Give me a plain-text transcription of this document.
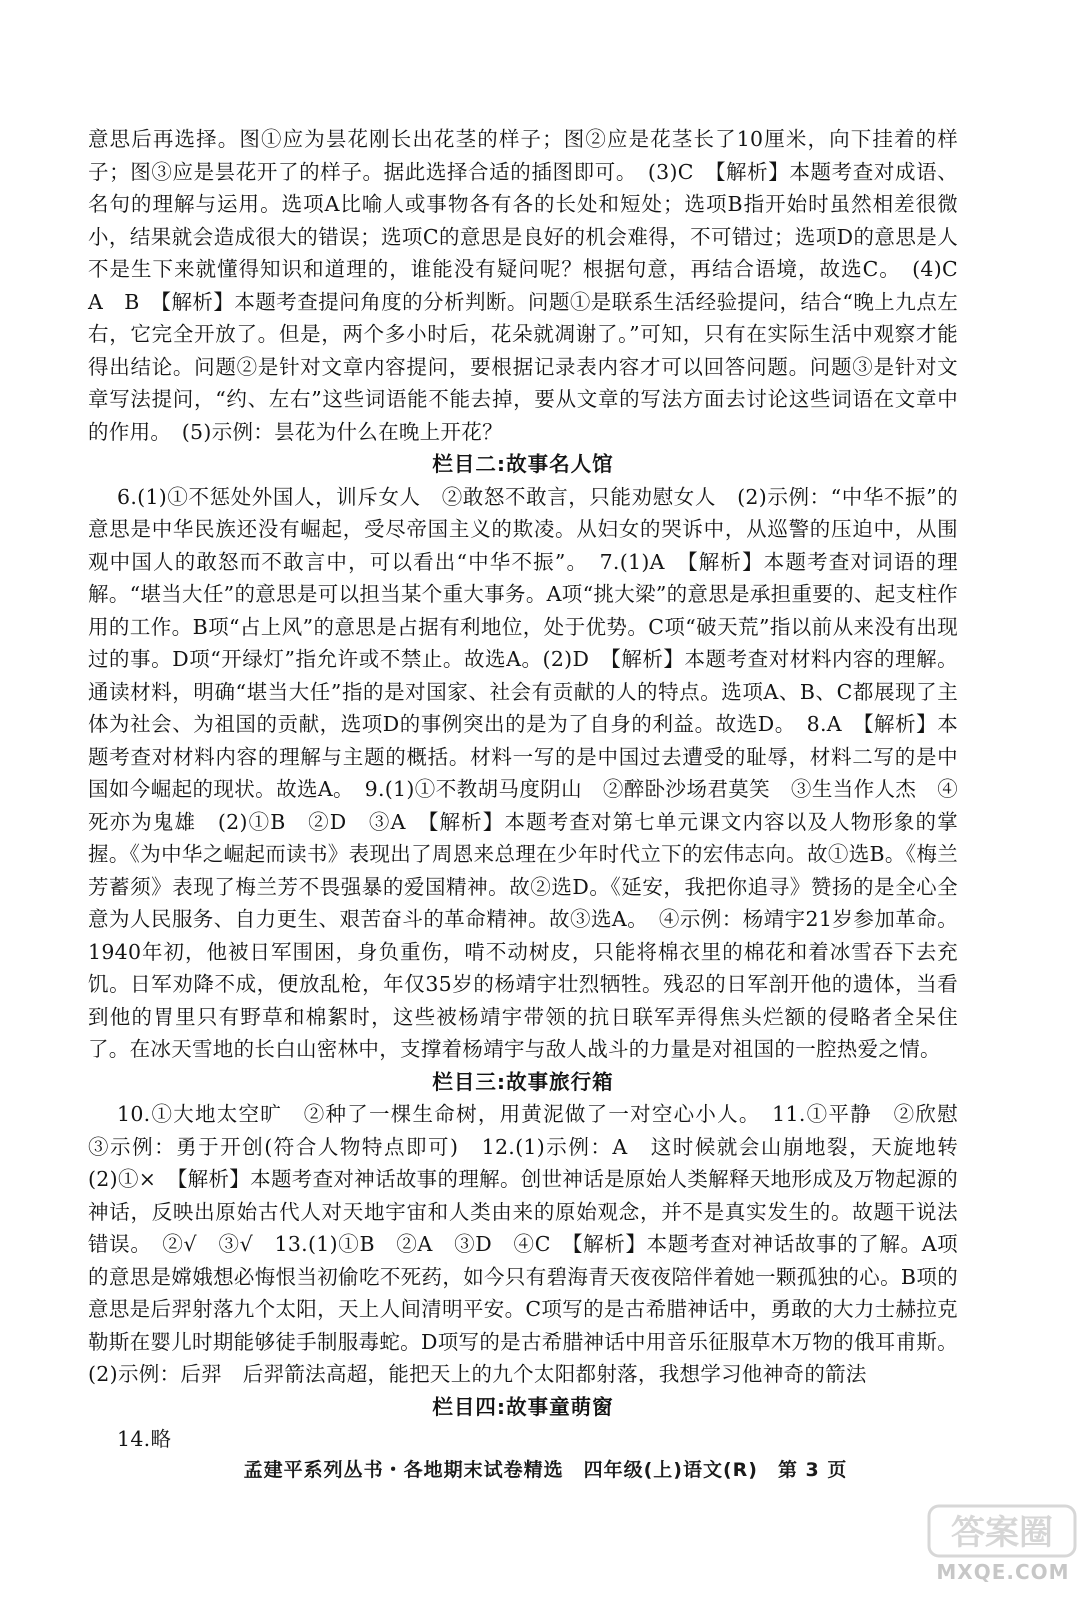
意思后再选择。图①应为昙花刚长出花茎的样子；图②应是花茎长了10厘米，向下挂着的样子；图③应是昙花开了的样子。据此选择合适的插图即可。　(3)C　【解析】本题考查对成语、名句的理解与运用。选项A比喻人或事物各有各的长处和短处；选项B指开始时虽然相差很微小，结果就会造成很大的错误；选项C的意思是良好的机会难得，不可错过；选项D的意思是人不是生下来就懂得知识和道理的，谁能没有疑问呢？根据句意，再结合语境，故选C。　(4)C　A　B　【解析】本题考查提问角度的分析判断。问题①是联系生活经验提问，结合“晚上九点左右，它完全开放了。但是，两个多小时后，花朵就凋谢了。”可知，只有在实际生活中观察才能得出结论。问题②是针对文章内容提问，要根据记录表内容才可以回答问题。问题③是针对文章写法提问，“约、左右”这些词语能不能去掉，要从文章的写法方面去讨论这些词语在文章中的作用。　(5)示例：昙花为什么在晚上开花？

栏目二:故事名人馆

6.(1)①不惩处外国人，训斥女人　②敢怒不敢言，只能劝慰女人　(2)示例：“中华不振”的意思是中华民族还没有崛起，受尽帝国主义的欺凌。从妇女的哭诉中，从巡警的压迫中，从围观中国人的敢怒而不敢言中，可以看出“中华不振”。　7.(1)A　【解析】本题考查对词语的理解。“堪当大任”的意思是可以担当某个重大事务。A项“挑大梁”的意思是承担重要的、起支柱作用的工作。B项“占上风”的意思是占据有利地位，处于优势。C项“破天荒”指以前从来没有出现过的事。D项“开绿灯”指允许或不禁止。故选A。(2)D　【解析】本题考查对材料内容的理解。通读材料，明确“堪当大任”指的是对国家、社会有贡献的人的特点。选项A、B、C都展现了主体为社会、为祖国的贡献，选项D的事例突出的是为了自身的利益。故选D。　8.A　【解析】本题考查对材料内容的理解与主题的概括。材料一写的是中国过去遭受的耻辱，材料二写的是中国如今崛起的现状。故选A。　9.(1)①不教胡马度阴山　②醉卧沙场君莫笑　③生当作人杰　④死亦为鬼雄　(2)①B　②D　③A　【解析】本题考查对第七单元课文内容以及人物形象的掌握。《为中华之崛起而读书》表现出了周恩来总理在少年时代立下的宏伟志向。故①选B。《梅兰芳蓄须》表现了梅兰芳不畏强暴的爱国精神。故②选D。《延安，我把你追寻》赞扬的是全心全意为人民服务、自力更生、艰苦奋斗的革命精神。故③选A。　④示例：杨靖宇21岁参加革命。1940年初，他被日军围困，身负重伤，啃不动树皮，只能将棉衣里的棉花和着冰雪吞下去充饥。日军劝降不成，便放乱枪，年仅35岁的杨靖宇壮烈牺牲。残忍的日军剖开他的遗体，当看到他的胃里只有野草和棉絮时，这些被杨靖宇带领的抗日联军弄得焦头烂额的侵略者全呆住了。在冰天雪地的长白山密林中，支撑着杨靖宇与敌人战斗的力量是对祖国的一腔热爱之情。

栏目三:故事旅行箱

10.①大地太空旷　②种了一棵生命树，用黄泥做了一对空心小人。　11.①平静　②欣慰　③示例：勇于开创(符合人物特点即可)　12.(1)示例：A　这时候就会山崩地裂，天旋地转　(2)①×　【解析】本题考查对神话故事的理解。创世神话是原始人类解释天地形成及万物起源的神话，反映出原始古代人对天地宇宙和人类由来的原始观念，并不是真实发生的。故题干说法错误。　②√　③√　13.(1)①B　②A　③D　④C　【解析】本题考查对神话故事的了解。A项的意思是嫦娥想必悔恨当初偷吃不死药，如今只有碧海青天夜夜陪伴着她一颗孤独的心。B项的意思是后羿射落九个太阳，天上人间清明平安。C项写的是古希腊神话中，勇敢的大力士赫拉克勒斯在婴儿时期能够徒手制服毒蛇。D项写的是古希腊神话中用音乐征服草木万物的俄耳甫斯。(2)示例：后羿　后羿箭法高超，能把天上的九个太阳都射落，我想学习他神奇的箭法

栏目四:故事童萌窗

14.略

孟建平系列丛书・各地期末试卷精选　四年级(上)语文(R)　第 3 页
答案圈
MXQE.COM
